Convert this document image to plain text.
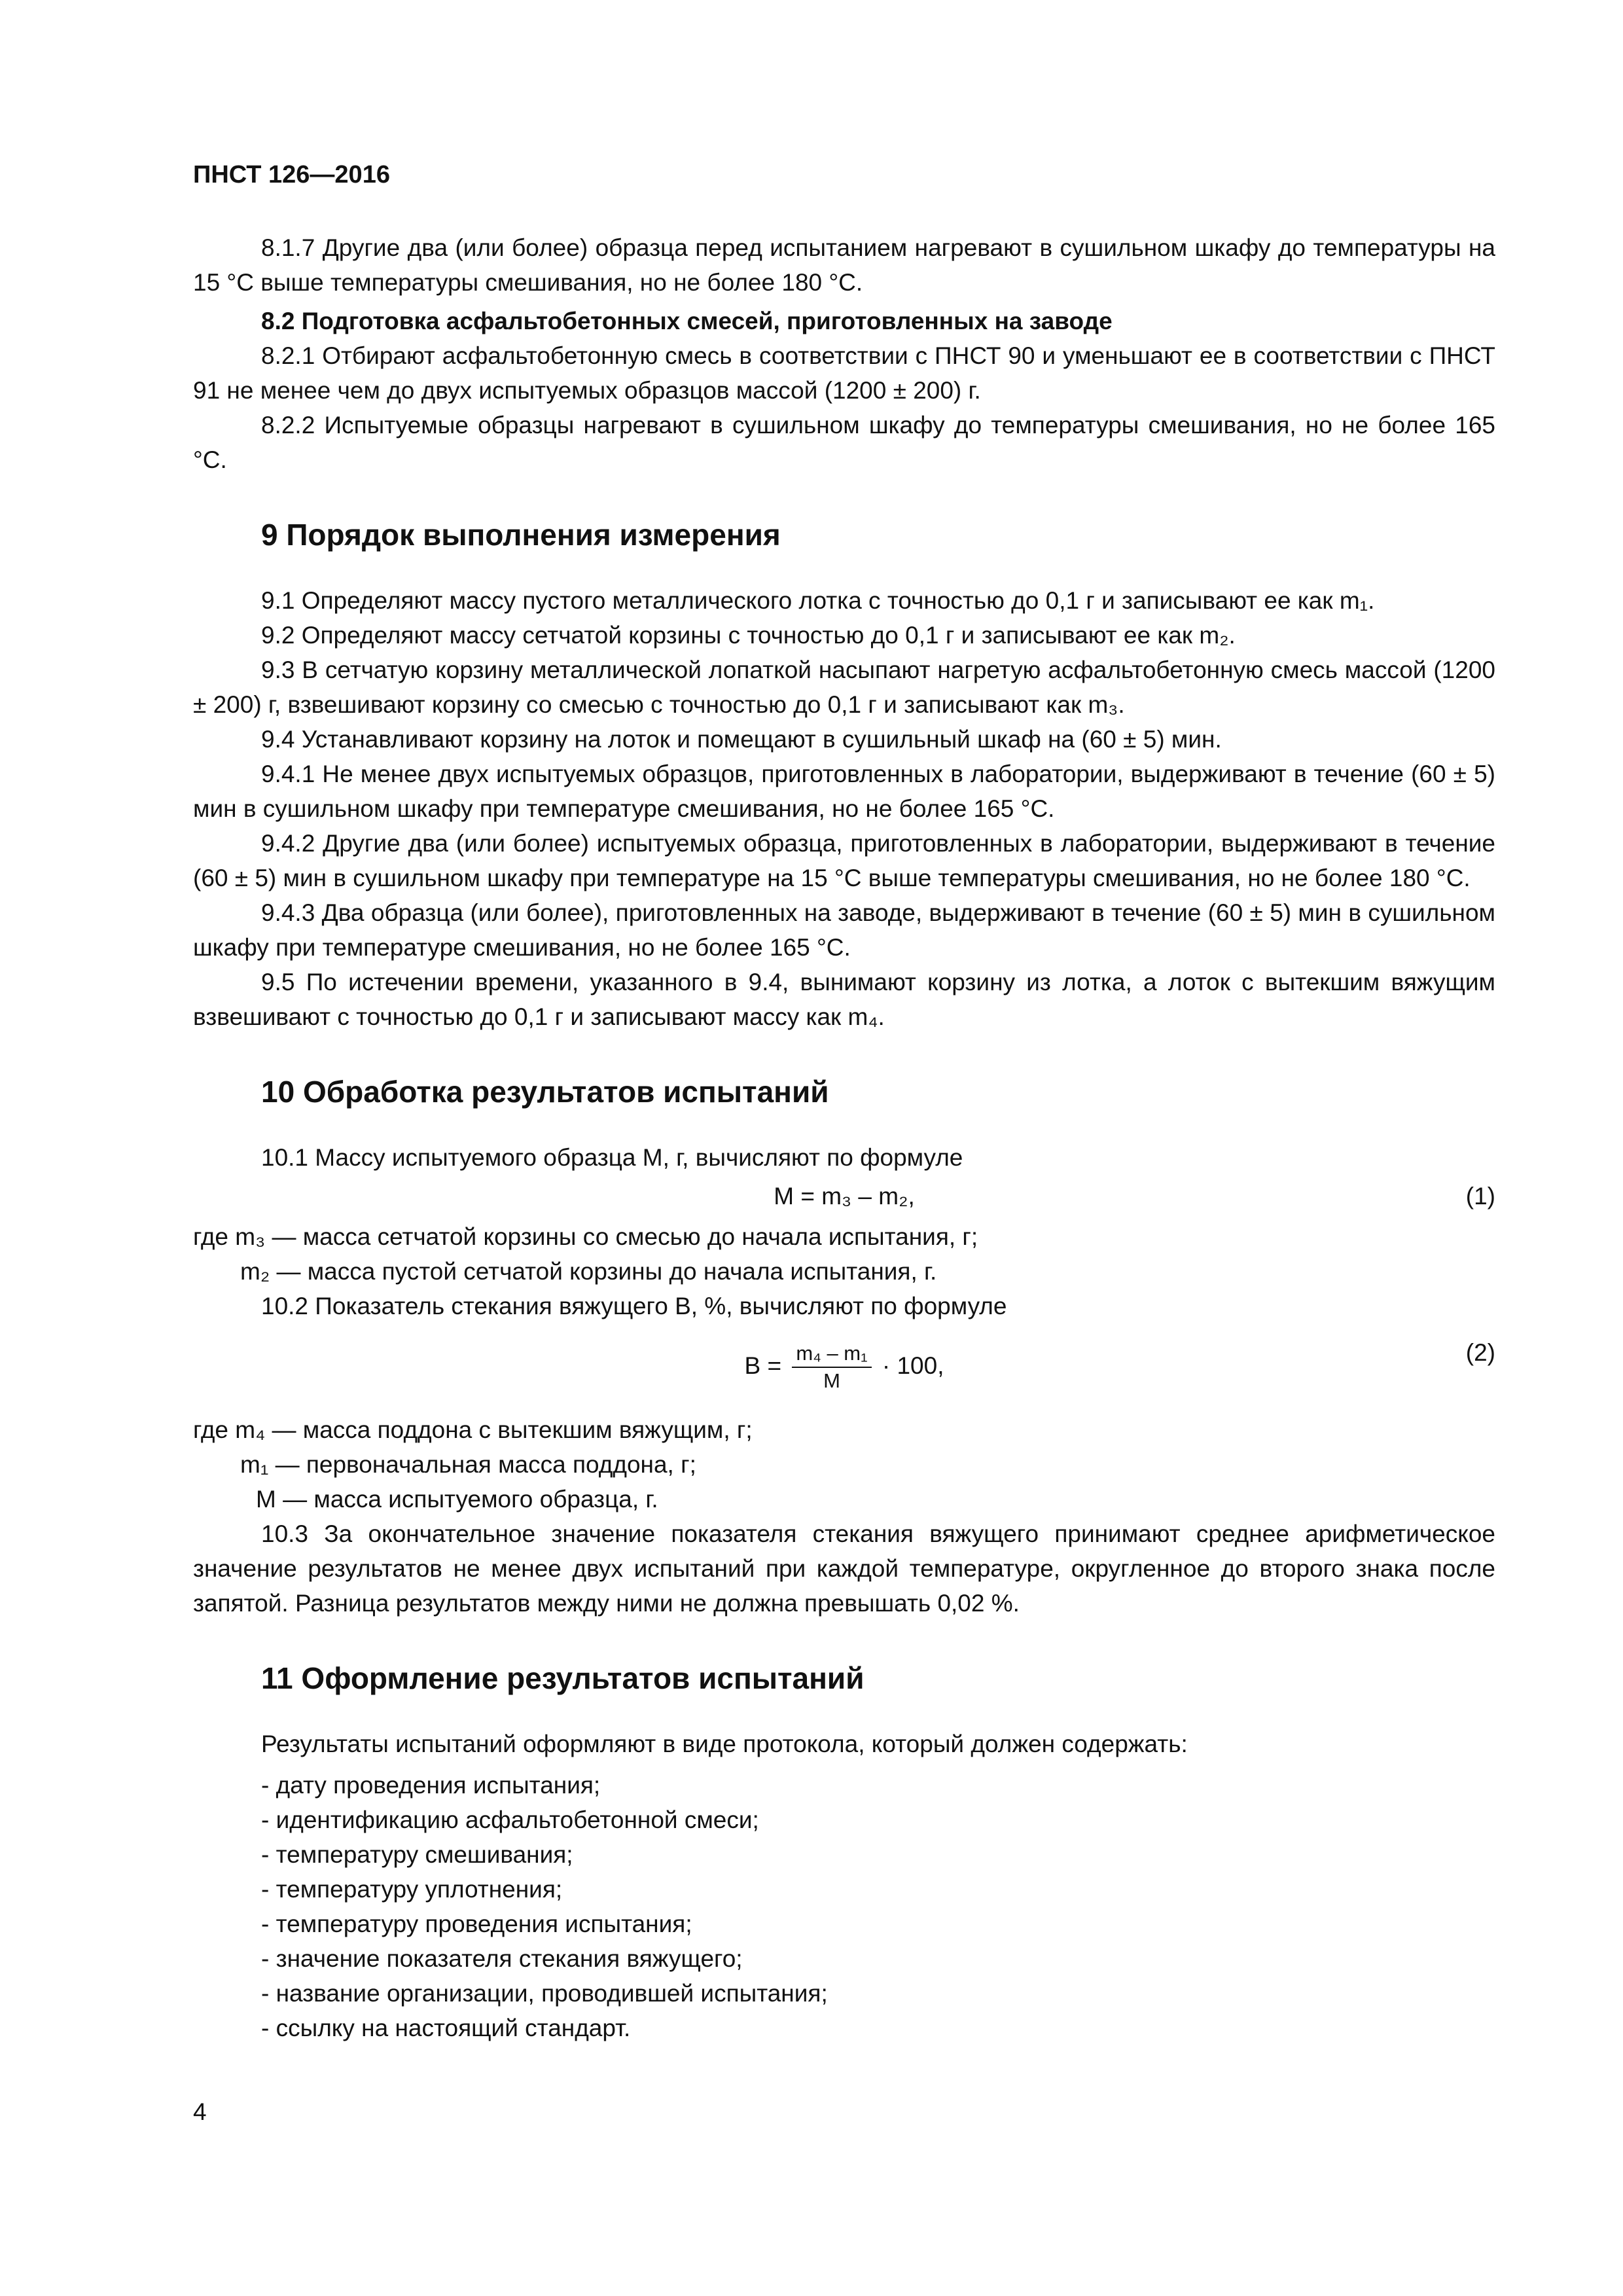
ПНСТ 126—2016

8.1.7 Другие два (или более) образца перед испытанием нагревают в сушильном шкафу до температуры на 15 °С выше температуры смешивания, но не более 180 °С.

8.2 Подготовка асфальтобетонных смесей, приготовленных на заводе

8.2.1 Отбирают асфальтобетонную смесь в соответствии с ПНСТ 90 и уменьшают ее в соответствии с ПНСТ 91 не менее чем до двух испытуемых образцов массой (1200 ± 200) г.

8.2.2 Испытуемые образцы нагревают в сушильном шкафу до температуры смешивания, но не более 165 °С.

9 Порядок выполнения измерения

9.1 Определяют массу пустого металлического лотка с точностью до 0,1 г и записывают ее как m₁.

9.2 Определяют массу сетчатой корзины с точностью до 0,1 г и записывают ее как m₂.

9.3 В сетчатую корзину металлической лопаткой насыпают нагретую асфальтобетонную смесь массой (1200 ± 200) г, взвешивают корзину со смесью с точностью до 0,1 г и записывают как m₃.

9.4 Устанавливают корзину на лоток и помещают в сушильный шкаф на (60 ± 5) мин.

9.4.1 Не менее двух испытуемых образцов, приготовленных в лаборатории, выдерживают в течение (60 ± 5) мин в сушильном шкафу при температуре смешивания, но не более 165 °С.

9.4.2 Другие два (или более) испытуемых образца, приготовленных в лаборатории, выдерживают в течение (60 ± 5) мин в сушильном шкафу при температуре на 15 °С выше температуры смешивания, но не более 180 °С.

9.4.3 Два образца (или более), приготовленных на заводе, выдерживают в течение (60 ± 5) мин в сушильном шкафу при температуре смешивания, но не более 165 °С.

9.5 По истечении времени, указанного в 9.4, вынимают корзину из лотка, а лоток с вытекшим вяжущим взвешивают с точностью до 0,1 г и записывают массу как m₄.

10 Обработка результатов испытаний

10.1 Массу испытуемого образца M, г, вычисляют по формуле

M = m₃ – m₂,	(1)

где m₃ — масса сетчатой корзины со смесью до начала испытания, г;

m₂ — масса пустой сетчатой корзины до начала испытания, г.

10.2 Показатель стекания вяжущего B, %, вычисляют по формуле

$B = \frac{\text{m₄ – m₁}}{M} \cdot 100$,	(2)

где m₄ — масса поддона с вытекшим вяжущим, г;

m₁ — первоначальная масса поддона, г;

M — масса испытуемого образца, г.

10.3 За окончательное значение показателя стекания вяжущего принимают среднее арифметическое значение результатов не менее двух испытаний при каждой температуре, округленное до второго знака после запятой. Разница результатов между ними не должна превышать 0,02 %.

11 Оформление результатов испытаний

Результаты испытаний оформляют в виде протокола, который должен содержать:

- дату проведения испытания;

- идентификацию асфальтобетонной смеси;

- температуру смешивания;

- температуру уплотнения;

- температуру проведения испытания;

- значение показателя стекания вяжущего;

- название организации, проводившей испытания;

- ссылку на настоящий стандарт.

4
